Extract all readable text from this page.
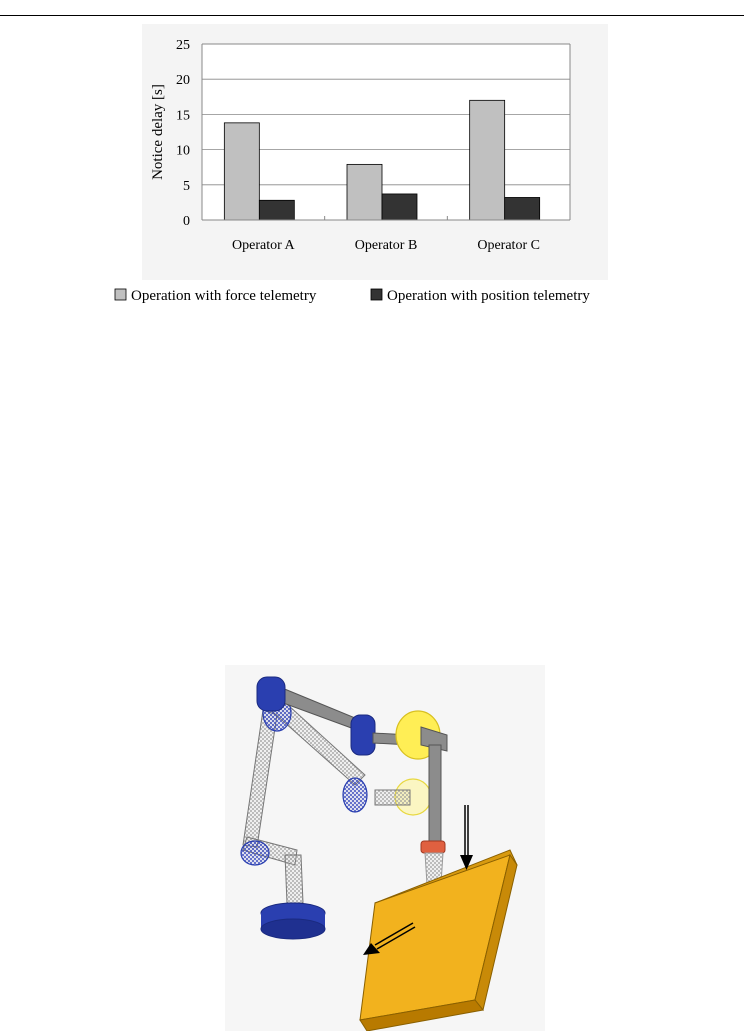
0
5
10
15
20
25
Operator A	Operator B	Operator C
Notice delay [s]
Operation with force telemetry	Operation with position telemetry
